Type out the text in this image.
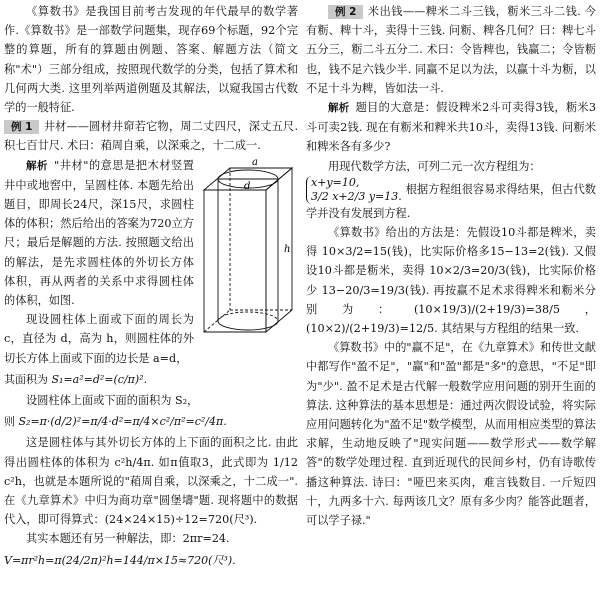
《算数书》是我国目前考古发现的年代最早的数学著作.《算数书》是一部数学问题集，现存69个标题，92个完整的算题，所有的算题由例题、答案、解题方法（简文称"术"）三部分组成，按照现代数学的分类，包括了算术和几何两大类. 这里列举两道例题及其解法，以窥我国古代数学的一般特征.

例 1 井材——圆材井窌若它物，周二丈四尺，深丈五尺. 积七百廿尺. 术曰：葙周自乘，以深乘之，十二成一.

a
d
h

解析 "井材"的意思是把木材竖置井中或地窖中，呈圆柱体. 本题先给出题目，即周长24尺，深15尺，求圆柱体的体积；然后给出的答案为720立方尺；最后是解题的方法. 按照题文给出的解法，是先求圆柱体的外切长方体体积，再从两者的关系中求得圆柱体的体积，如图.

现设圆柱体上面或下面的周长为 c，直径为 d，高为 h，则圆柱体的外切长方体上面或下面的边长是 a=d，

其面积为 S₁=a²=d²=(c/π)².

设圆柱体上面或下面的面积为 S₂，

则 S₂=π·(d/2)²=π/4·d²=π/4×c²/π²=c²/4π.

这是圆柱体与其外切长方体的上下面的面积之比. 由此得出圆柱体的体积为 c²h/4π. 如π值取3，此式即为 1/12 c²h，也就是本题所说的"葙周自乘，以深乘之，十二成一". 在《九章算术》中归为商功章"圆堡壔"题. 现将题中的数据代入，即可得算式：(24×24×15)÷12=720(尺³).

其实本题还有另一种解法，即：2πr=24.

V=πr²h=π(24/2π)²h=144/π×15≈720(尺³).

例 2 米出钱——粺米二斗三钱，粝米三斗二钱. 今有粝、粺十斗，卖得十三钱. 问粝、粺各几何？曰：粺七斗五分三，粝二斗五分二. 术曰：令皆粺也，钱赢二；令皆粝也，钱不足六钱少半. 同赢不足以为法，以赢十斗为粝，以不足十斗为粺，皆如法一斗.

解析 题目的大意是：假设粺米2斗可卖得3钱，粝米3斗可卖2钱. 现在有粝米和粺米共10斗，卖得13钱. 问粝米和粺米各有多少?

用现代数学方法，可列二元一次方程组为：

x+y=10,
3/2 x+2/3 y=13.
根据方程组很容易求得结果，但古代数学并没有发展到方程.

《算数书》给出的方法是：先假设10斗都是粺米，卖得 10×3/2=15(钱)，比实际价格多15−13=2(钱). 又假设10斗都是粝米，卖得 10×2/3=20/3(钱)，比实际价格少 13−20/3=19/3(钱). 再按赢不足术求得粺米和粝米分别为：(10×19/3)/(2+19/3)=38/5，(10×2)/(2+19/3)=12/5. 其结果与方程组的结果一致.

《算数书》中的"赢不足"，在《九章算术》和传世文献中都写作"盈不足"，"赢"和"盈"都是"多"的意思，"不足"即为"少". 盈不足术是古代解一般数学应用问题的别开生面的算法. 这种算法的基本思想是：通过两次假设试验，将实际应用问题转化为"盈不足"数学模型，从而用相应类型的算法求解，生动地反映了"现实问题——数学形式——数学解答"的数学处理过程. 直到近现代的民间乡村，仍有诗歌传播这种算法. 诗曰："哑巴来买肉，难言钱数目. 一斤短四十，九两多十六. 每两该几文？原有多少肉？能答此题者，可以学子禄."
